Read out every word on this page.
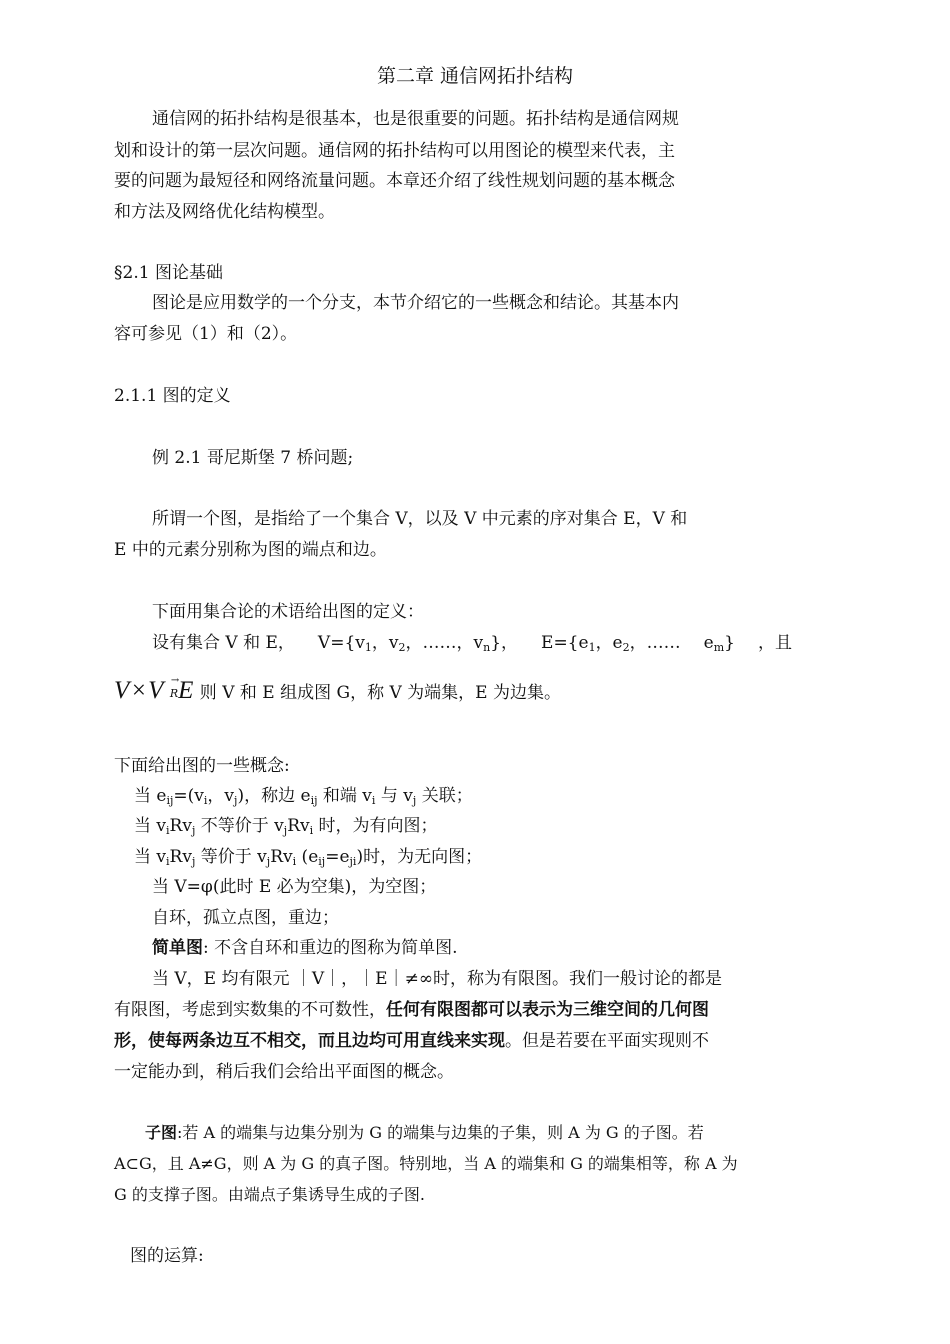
第二章 通信网拓扑结构
通信网的拓扑结构是很基本，也是很重要的问题。拓扑结构是通信网规
划和设计的第一层次问题。通信网的拓扑结构可以用图论的模型来代表，主
要的问题为最短径和网络流量问题。本章还介绍了线性规划问题的基本概念
和方法及网络优化结构模型。
§2.1 图论基础
图论是应用数学的一个分支，本节介绍它的一些概念和结论。其基本内
容可参见（1）和（2）。
2.1.1 图的定义
例 2.1 哥尼斯堡 7 桥问题;
所谓一个图，是指给了一个集合 V，以及 V 中元素的序对集合 E，V 和
E 中的元素分别称为图的端点和边。
下面用集合论的术语给出图的定义：
设有集合 V 和 E， $V=\{v_1$，$v_2$，……，$v_n$}， $E=\{e_1$，$e_2$，…… $e_m$} ，且
V×V R →E 则 V 和 E 组成图 G，称 V 为端集，E 为边集。
下面给出图的一些概念:
当 $e_{ij}=(v_i$，$v_j$)，称边 $e_{ij}$ 和端 $v_i$ 与 $v_j$ 关联；
当 $v_iRv_j$ 不等价于 $v_jRv_i$ 时，为有向图；
当 $v_iRv_j$ 等价于 $v_jRv_i$ $(e_{ij}=e_{ji})$时，为无向图；
当 V=φ(此时 E 必为空集)，为空图；
自环，孤立点图，重边；
简单图: 不含自环和重边的图称为简单图.
当 V，E 均有限元 ｜V｜，｜E｜≠∞时，称为有限图。我们一般讨论的都是
有限图，考虑到实数集的不可数性，任何有限图都可以表示为三维空间的几何图
形，使每两条边互不相交，而且边均可用直线来实现。但是若要在平面实现则不
一定能办到，稍后我们会给出平面图的概念。
子图:若 A 的端集与边集分别为 G 的端集与边集的子集，则 A 为 G 的子图。若
A⊂G，且 A≠G，则 A 为 G 的真子图。特别地，当 A 的端集和 G 的端集相等，称 A 为
G 的支撑子图。由端点子集诱导生成的子图.
图的运算:
